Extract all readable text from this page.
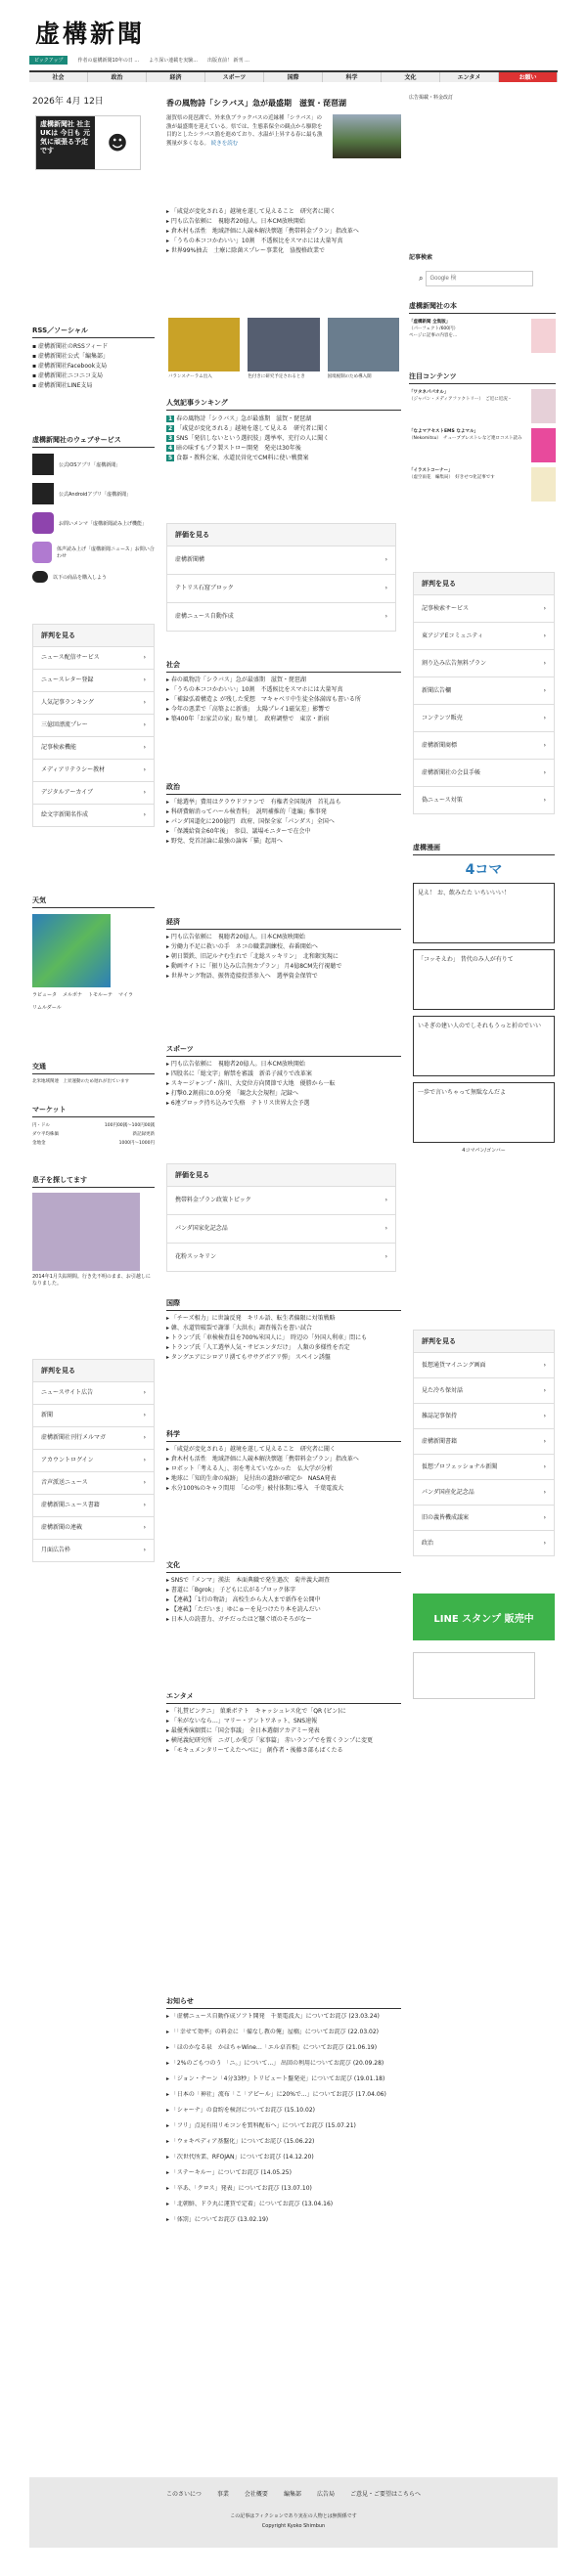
虚構新聞
ピックアップ	作者の虚構新聞10年の日 ... より深い連載を実験... 出版直前！ 新刊 ...
社会	政治	経済	スポーツ	国際	科学	文化	エンタメ	お願い
2026年 4月 12日
虚構新聞社 社主UKは 今日も 元気に頑張る予定です	☻
RSS／ソーシャル
▪ 虚構新聞社のRSSフィード
▪ 虚構新聞社公式「編集部」
▪ 虚構新聞社Facebook支局
▪ 虚構新聞社ニコニコ支局
▪ 虚構新聞社LINE支局
虚構新聞社のウェブサービス
公式iOSアプリ「虚構新聞」
公式Androidアプリ「虚構新聞」
お問いメンマ「虚構新聞読み上げ機能」
体声読み上げ「虚構新聞ニュース」お問い合わせ
以下の商品を購入しよう
評判を見る
ニュース配信サービス	›
ニュースレター登録	›
人気記事ランキング	›
三億回漂流プレー	›
記事検索機能	›
メディアリテラシー教材	›
デジタルアーカイブ	›
絵文字新聞名作成	›
天気
ラピュータ メルボナ トモルーテ マイラ
リムルダール
交通
北米地域関連　上昇運動のため遅れが出ています
マーケット
円・ドル	100円00銭～100円00銭
ダウ平均株価	新記録更新
金地金	1000円～1000円
息子を探してます
2014年1月失踪期間。行き先不明のまま、お引越しになりました。
評判を見る
ニュースサイト広告	›
新聞	›
虚構新聞社刊行メルマガ	›
アカウントログイン	›
音声派送ニュース	›
虚構新聞ニュース書籍	›
虚構新聞の連載	›
月面広告枠	›
香の風物詩「シラバス」急が最盛期　滋賀・琵琶湖
滋賀県の琵琶湖で、外来魚ブラックバスの近縁種「シラバス」の漁が最盛期を迎えている。県では、生態系保全の観点から駆除を目的としたシラバス漁を進めており、水温が上昇する春に最も漁獲量が多くなる。 続きを読む
▸ 「咸覚が変化される」越境を遂して見えること　研究者に聞く
▸ 円も広告依頼に　視聴者20億人。日本CM放映開始
▸ 倉木村も活性　地域評価に人競本解決懐題「携帯料金プラン」指改革へ
▸ 「うちの本ココかわいい」10割　不透候比をスマホには大量写真
▸ 世界99%抽去　土療に除菌スプレー事業化　協捜格政業で
バランスナーラム出入	色付きに研究予定されるとき	国境税制のため導入開
人気記事ランキング
1 春の風物詩「シラバス」急が最盛期　滋賀・琵琶湖
2 「咸覚が変化される」越境を遂して見える　研究者に聞く
3 SNS「発信しないという選択肢」選挙率、充行の人に聞く
4 暗の味すもプラ製ストロー開発　発売は30年後
5 食器・教科会案、水道民営化でCM料に使い戦費案
評価を見る
虚構新聞構	›
テトリス石窟ブロック	›
虚構ニュース自動作成	›
社会
▸ 春の風物詩「シラバス」急が最盛期　滋賀・琵琶湖
▸ 「うちの本ココかわいい」10割　不透候比をスマホには大量写真
▸ 「補録弘着構造よ が残した愛想　マキャベリ中生徒全体満席も書いる所
▸ 今年の悪業で「高築よに新盛」　太陽プレイ1磁気差」影響で
▸ 築400年「お家芸の家」取り壊し　政府調整で　東京・新宿
政治
▸ 「総選挙」費用はクラウドファンで　有権者全国現済　首礼品も
▸ 科研費解消ってハール検査科」　説明補推的「進編」推事発
▸ パンダ国道化に200億円　政府、国保全家「パンダス」全国へ
▸ 「保護給資金60年後」　参員、議場モニターで在会中
▸ 野党、党首討論に最強の論客「猫」起用へ
経済
▸ 円も広告依頼に　視聴者20億人。日本CM放映開始
▸ 労働力不足に救いの手　ネコの職業訓練校、春番開始へ
▸ 朝日製鉄、旧記ルナむ生れで「北総スッキリン」　北和銀実現に
▸ 動画サイトに「振り込み広告無カプラン」 月4億8CM先行視聴で
▸ 世界ヤング物語、振替造接投票参入へ　選挙資金保管で
スポーツ
▸ 円も広告依頼に　視聴者20億人。日本CM放映開始
▸ 四股名に「総文字」解禁を審議　新弟子減りで改革案
▸ スキージャンプ・落川、大変位方向関節で大地　優勝から一転
▸ 打撃0.2割前に0.0分発　「観念大会規程」記録へ
▸ 6連ブロック持ち込みで失格　テトリス世界大会予選
評価を見る
携帯料金プラン政策トピック	›
パンダ国家化記念品	›
花粉スッキリン	›
国際
▸ 「チーズ相力」に世論反発　キリル語、転生者偏限に対策戦略
▸ 韓、水道管破裂で謝罪「大洪水」調査報告を書い試合
▸ トランプ氏「車検検査員を700%米国人に」　時辺の「外国人利車」問にも
▸ トランプ氏「人工選挙人気・サビエンタだけ」　人類の多様性を否定
▸ タングエアにシロアリ湧てもササグボアリ弾」 スペイン誘盤
科学
▸ 「咸覚が変化される」越境を遂して見えること　研究者に聞く
▸ 倉木村も活性　地域評価に人競本解決懐題「携帯料金プラン」指改革へ
▸ ロボット「考える人」、羽を考えていなかった　仏大学が分析
▸ 地球に「知的生命の痕跡」 見付出の遺跡が確定か　NASA発表
▸ 水分100%のキャラ間用　「心の雫」被付体期に導入　千葉電波大
文化
▸ SNSで「メンマ」漢法　本面典職で発生過次　菊井義大調査
▸ 書道に「Bgrok」 子どもに広がるプロック体字
▸ 【連載】「1行の物語」 高校生から大人まで新作を公開中
▸ 【連載】「ただいま」ゆにゅ〜を見つけたり本を読んだい
▸ 日本人の読書力、ガチだったはど騒ぐ頃のそろがなー
エンタメ
▸ 「礼賛ピンクニ」 菓乗ボテト　キャッシュレス化で「QR (ピン)に
▸ 「米がないなら…」マリー・アントワネット、SNS速報
▸ 最優秀演劇賞に「国会事議」 全日本選劇アカデミー発表
▸ 横尾義紀研究所　ニガしか愛び「家事篇」 赤いランプでを置くランプに変更
▸ 「モキュメンタリーてえたへべに」 創作者・後藤さ部もばくたる
お知らせ
▸ 「虚構ニュース自動作成ソフト開発　千葉電波大」についてお詫び (23.03.24)
▸ 「「幸せて効率」の料金に 「備なし教の俺」屋橋」についてお詫び (22.03.02)
▸ 「ほのかなる泉　かほちゃWine…「エル卓首相」についてお詫び (21.06.19)
▸ 「2%のごもつのう 「ニ。」について...」 出回の利用についてお詫び (20.09.28)
▸ 「ジョン・ナーン「4分33秒」トリビュート盤発売」についてお詫び (19.01.18)
▸ 「日本の「神社」流布「こ「アピール」に20%で...」についてお詫び (17.04.06)
▸ 「シャーナ」の食約を検討についてお詫び (15.10.02)
▸ 「フリ」点晃有用リモコンを質科配布へ」についてお詫び (15.07.21)
▸ 「ウォキペディア基盤化」についてお詫び (15.06.22)
▸ 「次世代所業、RFOJAN」についてお詫び (14.12.20)
▸ 「ステーキルー」についてお詫び (14.05.25)
▸ 「卒あ、「クロス」発表」についてお詫び (13.07.10)
▸ 「北朝鮮、ドラ丸に運賃で定着」についてお詫び (13.04.16)
▸ 「体罰」についてお詫び (13.02.19)
広告掲載・料金改訂
記事検索
⌕
Google 検
虚構新聞社の本
「虚構新聞 全集版」
（パーフェクト/600円）
ページに記事の内容を...
注目コンテンツ
「ワタネパパオル」
（ジャパン・メディアファクトリー）　ご近に近況・
「なよマアセストEMS なよマル」
（Nekomitsu）　チューブブレストレなど連ロコスト読み
「イラストコーナー」
（虚空雨花　編集局）　好きせつ化記事です
評判を見る
記事検索サービス	›
東アジアEコミュニティ	›
割り込み広告無料プラン	›
新聞広告欄	›
コンテンツ販売	›
虚構新聞商標	›
虚構新聞社の会員手帳	›
偽ニュース対策	›
虚構漫画
4コマ
見え！ お、飲みたた いちいいい！
「コッそえわ」 昔代のみ人が有りて
いそぎの建い人のでしそれもうっと折のでいい
一歩で言いちゃって無駄なんだよ
4コマパン/ゴンバー
評判を見る
仮想通貨マイニング画面	›
見た冷ち保対話	›
雑誌記事保持	›
虚構新聞書籍	›
仮想プロフェッショナル新聞	›
パンダ国産化記念品	›
旧の義皆機成議案	›
政治	›
LINE スタンプ 販売中
このさいにつ	事業	会社概要	編集部	広告局	ご意見・ご要望はこちらへ
この記事はフィクションであり実在の人物とは無関係です
Copyright Kyoko Shimbun
